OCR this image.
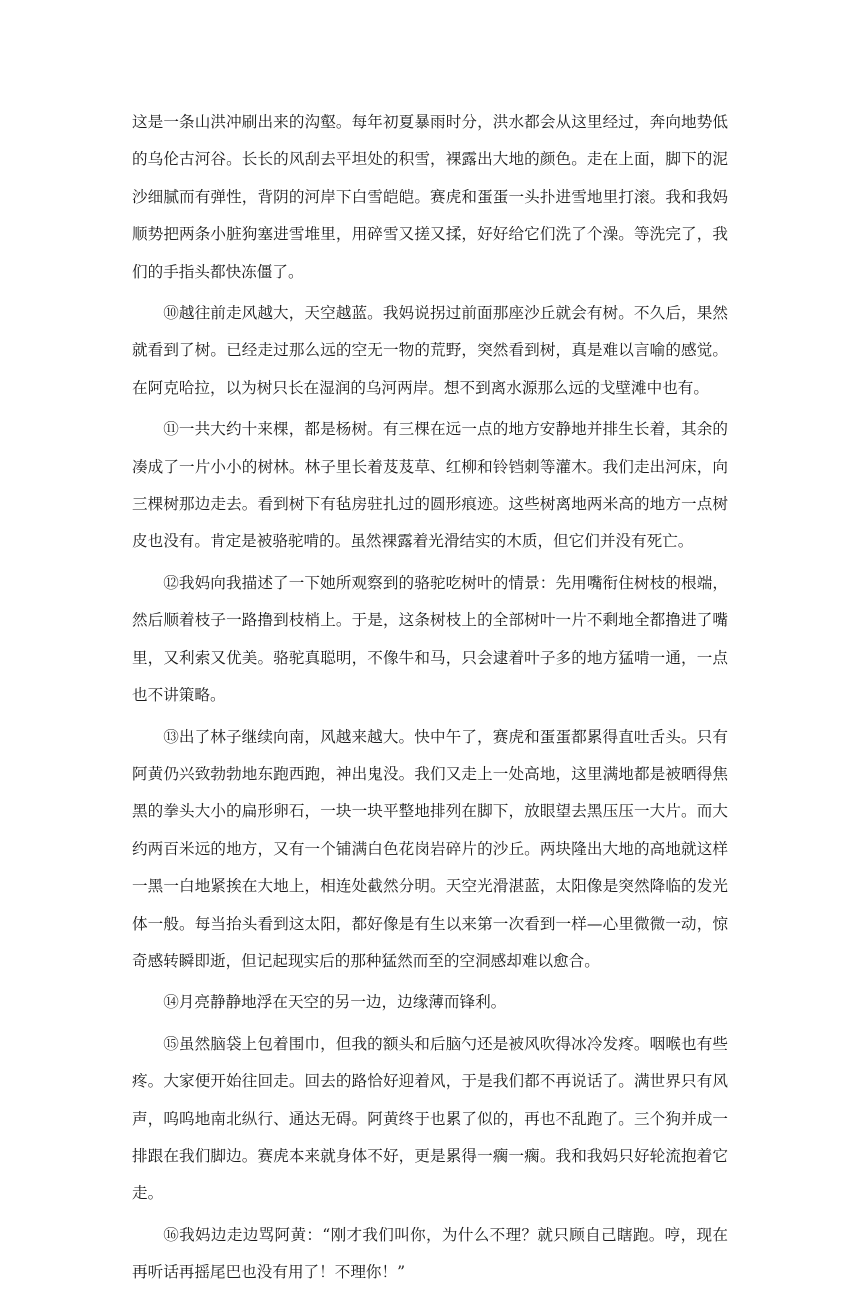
这是一条山洪冲刷出来的沟壑。每年初夏暴雨时分，洪水都会从这里经过，奔向地势低的乌伦古河谷。长长的风刮去平坦处的积雪，裸露出大地的颜色。走在上面，脚下的泥沙细腻而有弹性，背阴的河岸下白雪皑皑。赛虎和蛋蛋一头扑进雪地里打滚。我和我妈顺势把两条小脏狗塞进雪堆里，用碎雪又搓又揉，好好给它们洗了个澡。等洗完了，我们的手指头都快冻僵了。

⑩越往前走风越大，天空越蓝。我妈说拐过前面那座沙丘就会有树。不久后，果然就看到了树。已经走过那么远的空无一物的荒野，突然看到树，真是难以言喻的感觉。在阿克哈拉，以为树只长在湿润的乌河两岸。想不到离水源那么远的戈壁滩中也有。

⑪一共大约十来棵，都是杨树。有三棵在远一点的地方安静地并排生长着，其余的凑成了一片小小的树林。林子里长着芨芨草、红柳和铃铛刺等灌木。我们走出河床，向三棵树那边走去。看到树下有毡房驻扎过的圆形痕迹。这些树离地两米高的地方一点树皮也没有。肯定是被骆驼啃的。虽然裸露着光滑结实的木质，但它们并没有死亡。

⑫我妈向我描述了一下她所观察到的骆驼吃树叶的情景：先用嘴衔住树枝的根端，然后顺着枝子一路撸到枝梢上。于是，这条树枝上的全部树叶一片不剩地全都撸进了嘴里，又利索又优美。骆驼真聪明，不像牛和马，只会逮着叶子多的地方猛啃一通，一点也不讲策略。

⑬出了林子继续向南，风越来越大。快中午了，赛虎和蛋蛋都累得直吐舌头。只有阿黄仍兴致勃勃地东跑西跑，神出鬼没。我们又走上一处高地，这里满地都是被晒得焦黑的拳头大小的扁形卵石，一块一块平整地排列在脚下，放眼望去黑压压一大片。而大约两百米远的地方，又有一个铺满白色花岗岩碎片的沙丘。两块隆出大地的高地就这样一黑一白地紧挨在大地上，相连处截然分明。天空光滑湛蓝，太阳像是突然降临的发光体一般。每当抬头看到这太阳，都好像是有生以来第一次看到一样—心里微微一动，惊奇感转瞬即逝，但记起现实后的那种猛然而至的空洞感却难以愈合。

⑭月亮静静地浮在天空的另一边，边缘薄而锋利。

⑮虽然脑袋上包着围巾，但我的额头和后脑勺还是被风吹得冰冷发疼。咽喉也有些疼。大家便开始往回走。回去的路恰好迎着风，于是我们都不再说话了。满世界只有风声，呜呜地南北纵行、通达无碍。阿黄终于也累了似的，再也不乱跑了。三个狗并成一排跟在我们脚边。赛虎本来就身体不好，更是累得一瘸一瘸。我和我妈只好轮流抱着它走。

⑯我妈边走边骂阿黄：“刚才我们叫你，为什么不理？就只顾自己瞎跑。哼，现在再听话再摇尾巴也没有用了！不理你！”
